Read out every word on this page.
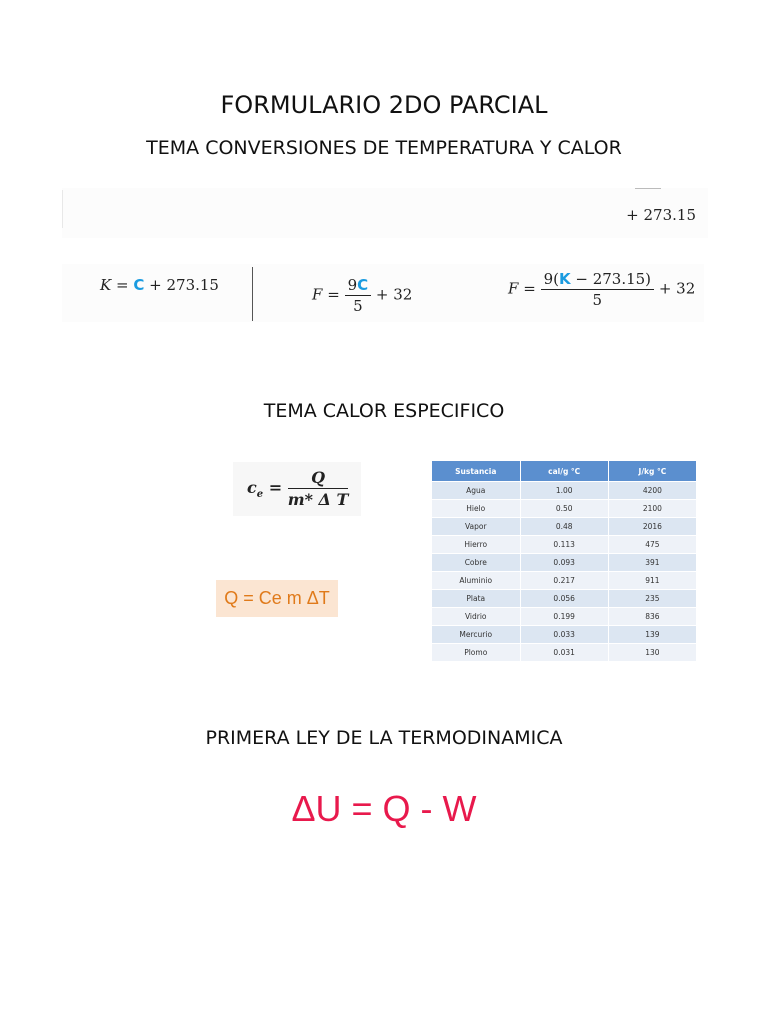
FORMULARIO 2DO PARCIAL
TEMA CONVERSIONES DE TEMPERATURA Y CALOR
+ 273.15
K = C + 273.15
$F = \frac{9C}{5} + 32$	$F = \frac{9(K - 273.15)}{5} + 32$
TEMA CALOR ESPECIFICO
$c_e = \frac{Q}{\text{m* Δ T}}$
Q = Ce m ΔT
Sustancia	cal/g °C	J/kg °C
Agua	1.00	4200
Hielo	0.50	2100
Vapor	0.48	2016
Hierro	0.113	475
Cobre	0.093	391
Aluminio	0.217	911
Plata	0.056	235
Vidrio	0.199	836
Mercurio	0.033	139
Plomo	0.031	130
PRIMERA LEY DE LA TERMODINAMICA
ΔU = Q - W
